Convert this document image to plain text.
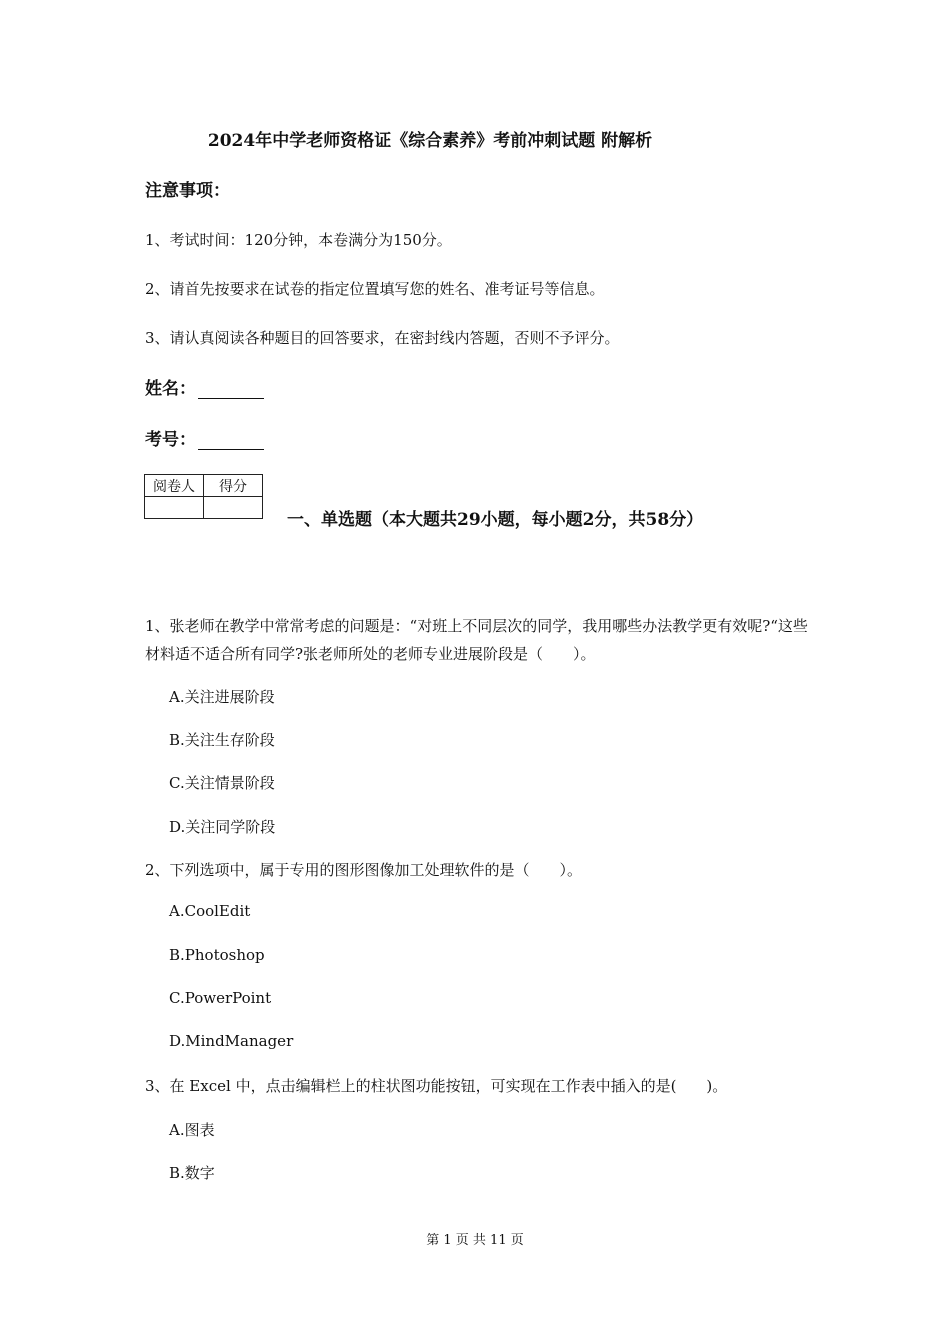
2024年中学老师资格证《综合素养》考前冲刺试题 附解析
注意事项：
1、考试时间：120分钟，本卷满分为150分。
2、请首先按要求在试卷的指定位置填写您的姓名、准考证号等信息。
3、请认真阅读各种题目的回答要求，在密封线内答题，否则不予评分。
姓名：
考号：
阅卷人	得分

一、单选题（本大题共29小题，每小题2分，共58分）
1、张老师在教学中常常考虑的问题是：“对班上不同层次的同学，我用哪些办法教学更有效呢?“这些材料适不适合所有同学?张老师所处的老师专业进展阶段是（　　）。
A.关注进展阶段
B.关注生存阶段
C.关注情景阶段
D.关注同学阶段
2、下列选项中，属于专用的图形图像加工处理软件的是（　　）。
A.CoolEdit
B.Photoshop
C.PowerPoint
D.MindManager
3、在 Excel 中，点击编辑栏上的柱状图功能按钮，可实现在工作表中插入的是(　　)。
A.图表
B.数字
第 1 页 共 11 页
